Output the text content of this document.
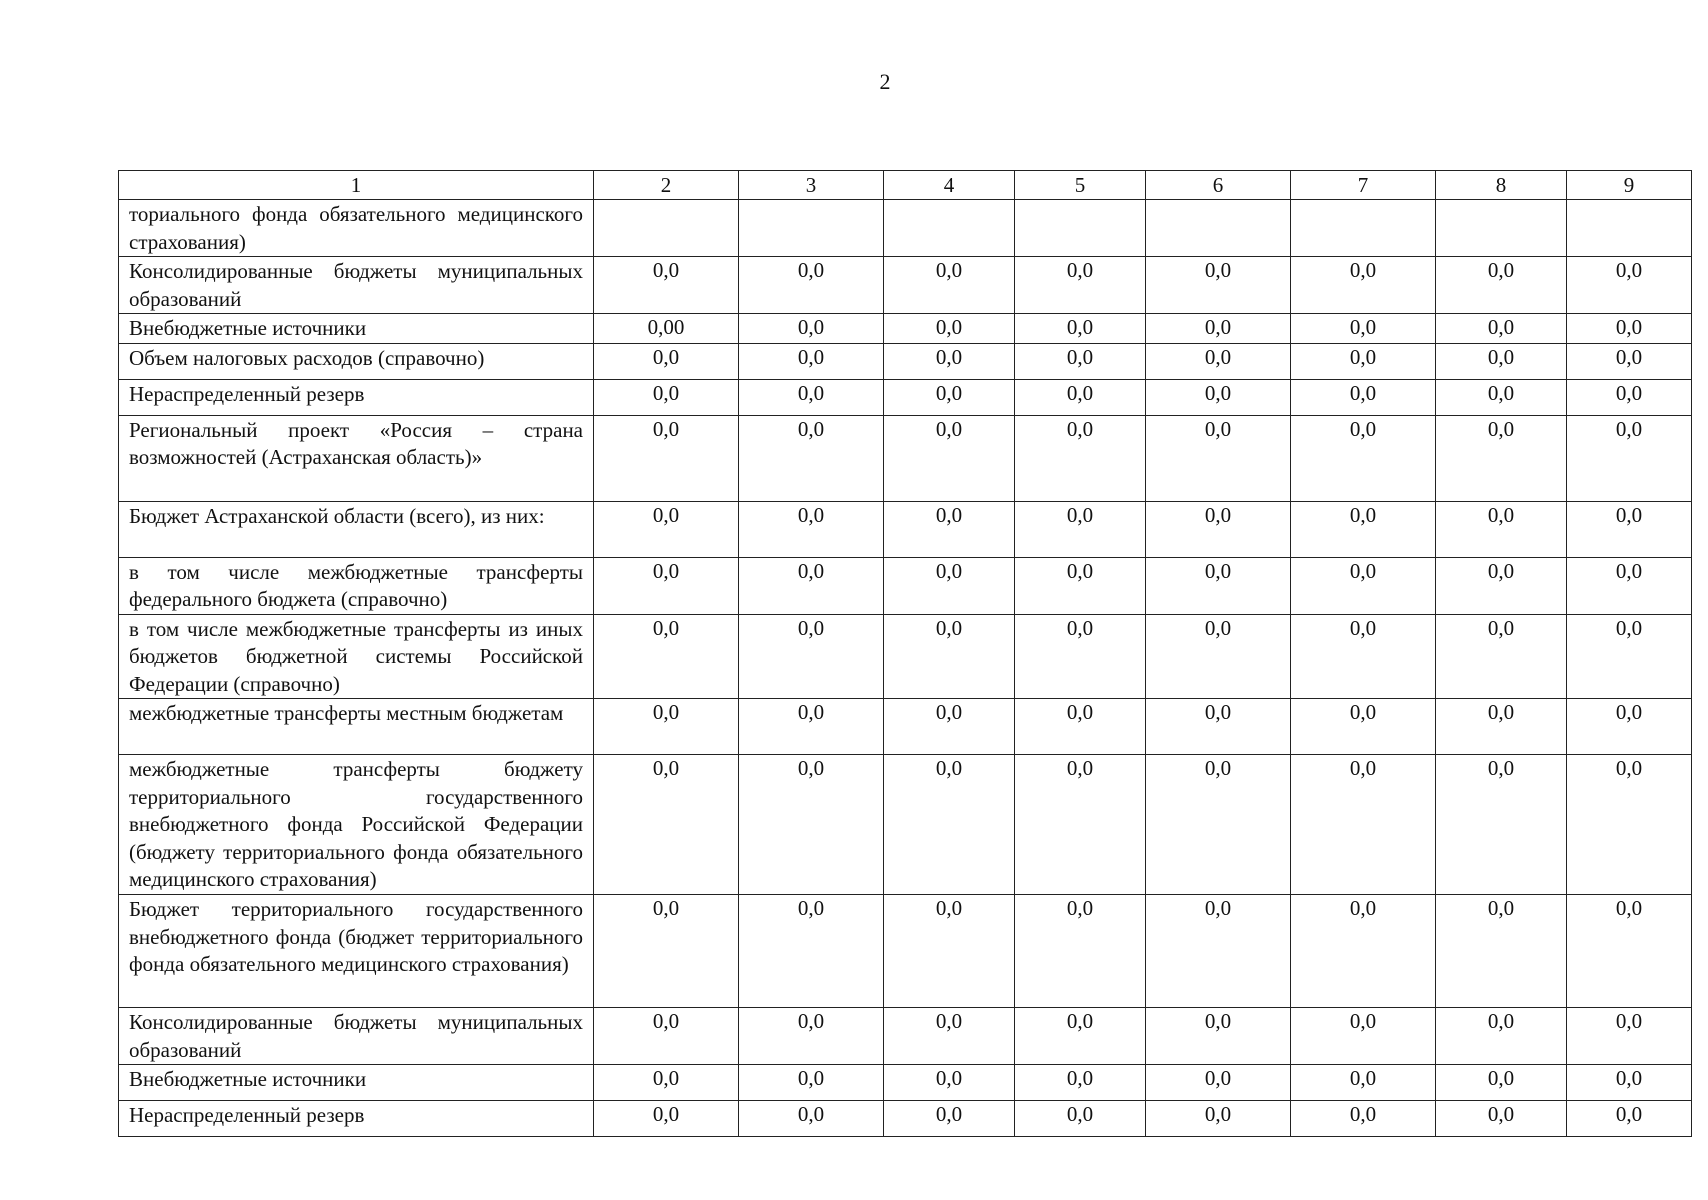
2
1	2	3	4	5	6	7	8	9
ториального фонда обязательного медицинского страхования)								
Консолидированные бюджеты муниципальных образований	0,0	0,0	0,0	0,0	0,0	0,0	0,0	0,0
Внебюджетные источники	0,00	0,0	0,0	0,0	0,0	0,0	0,0	0,0
Объем налоговых расходов (справочно)	0,0	0,0	0,0	0,0	0,0	0,0	0,0	0,0
Нераспределенный резерв	0,0	0,0	0,0	0,0	0,0	0,0	0,0	0,0
Региональный проект «Россия – страна возможностей (Астраханская область)»	0,0	0,0	0,0	0,0	0,0	0,0	0,0	0,0
Бюджет Астраханской области (всего), из них:	0,0	0,0	0,0	0,0	0,0	0,0	0,0	0,0
в том числе межбюджетные трансферты федерального бюджета (справочно)	0,0	0,0	0,0	0,0	0,0	0,0	0,0	0,0
в том числе межбюджетные трансферты из иных бюджетов бюджетной системы Российской Федерации (справочно)	0,0	0,0	0,0	0,0	0,0	0,0	0,0	0,0
межбюджетные трансферты местным бюджетам	0,0	0,0	0,0	0,0	0,0	0,0	0,0	0,0
межбюджетные трансферты бюджету территориального государственного внебюджетного фонда Российской Федерации (бюджету территориального фонда обязательного медицинского страхования)	0,0	0,0	0,0	0,0	0,0	0,0	0,0	0,0
Бюджет территориального государственного внебюджетного фонда (бюджет территориального фонда обязательного медицинского страхования)	0,0	0,0	0,0	0,0	0,0	0,0	0,0	0,0
Консолидированные бюджеты муниципальных образований	0,0	0,0	0,0	0,0	0,0	0,0	0,0	0,0
Внебюджетные источники	0,0	0,0	0,0	0,0	0,0	0,0	0,0	0,0
Нераспределенный резерв	0,0	0,0	0,0	0,0	0,0	0,0	0,0	0,0
